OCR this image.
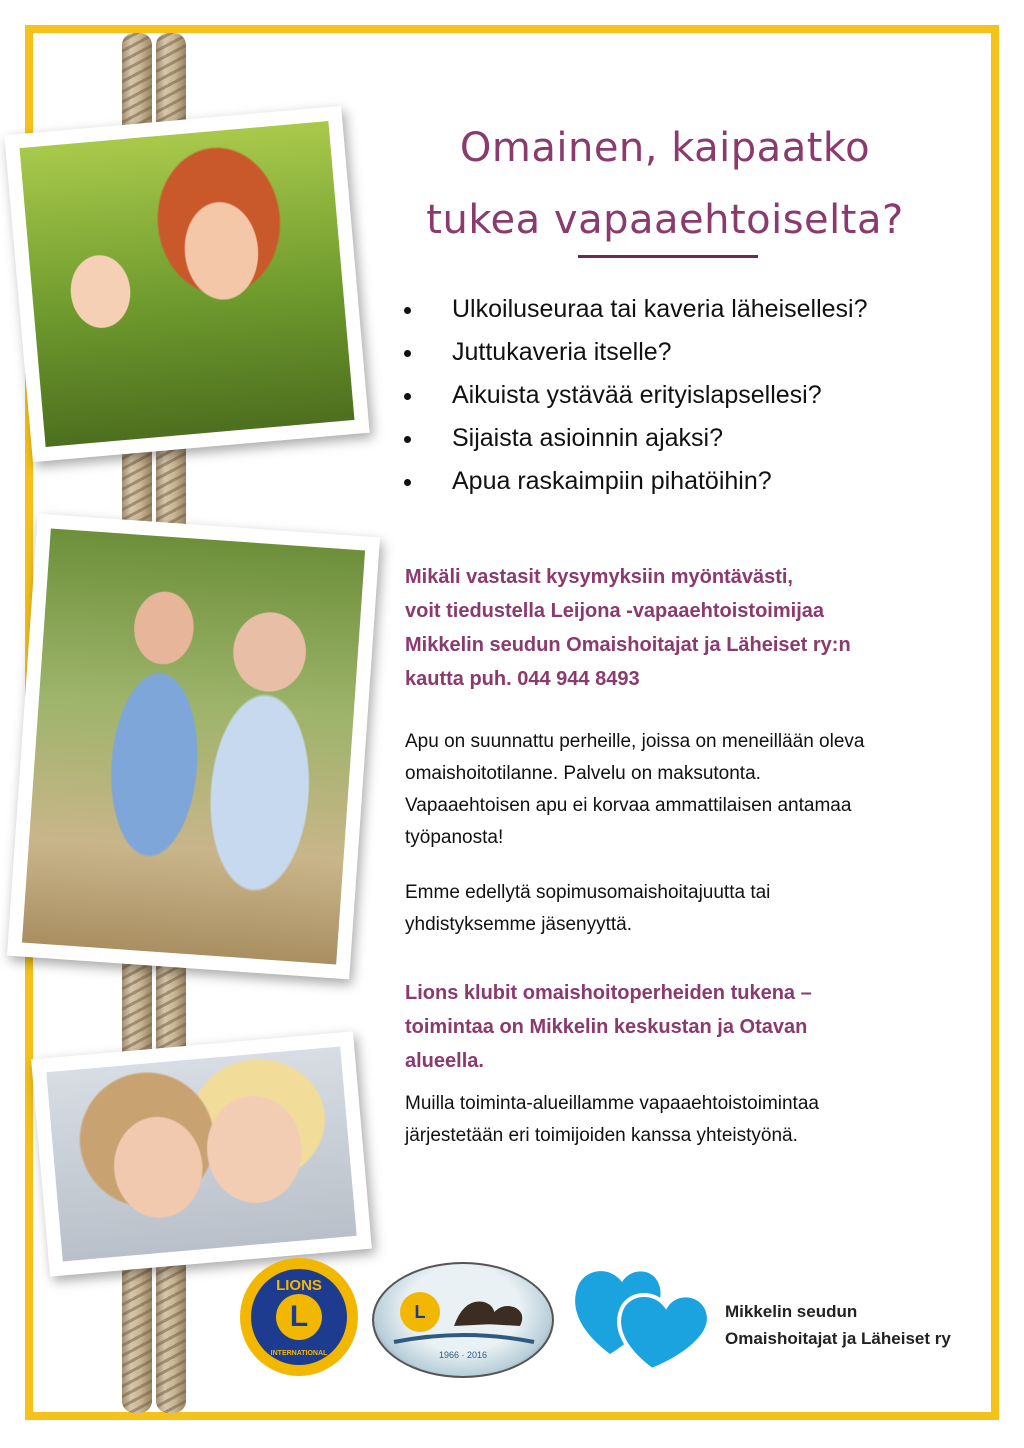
Omainen, kaipaatko
tukea vapaaehtoiselta?
Ulkoiluseuraa tai kaveria läheisellesi?
Juttukaveria itselle?
Aikuista ystävää erityislapsellesi?
Sijaista asioinnin ajaksi?
Apua raskaimpiin pihatöihin?
Mikäli vastasit kysymyksiin myöntävästi,
voit tiedustella Leijona -vapaaehtoistoimijaa
Mikkelin seudun Omaishoitajat ja Läheiset ry:n
kautta puh. 044 944 8493
Apu on suunnattu perheille, joissa on meneillään oleva
omaishoitotilanne. Palvelu on maksutonta.
Vapaaehtoisen apu ei korvaa ammattilaisen antamaa
työpanosta!
Emme edellytä sopimusomaishoitajuutta tai
yhdistyksemme jäsenyyttä.
Lions klubit omaishoitoperheiden tukena –
toimintaa on Mikkelin keskustan ja Otavan
alueella.
Muilla toiminta-alueillamme vapaaehtoistoimintaa
järjestetään eri toimijoiden kanssa yhteistyönä.
LIONS
L
INTERNATIONAL
L
1966 · 2016
Mikkelin seudun
Omaishoitajat ja Läheiset ry
